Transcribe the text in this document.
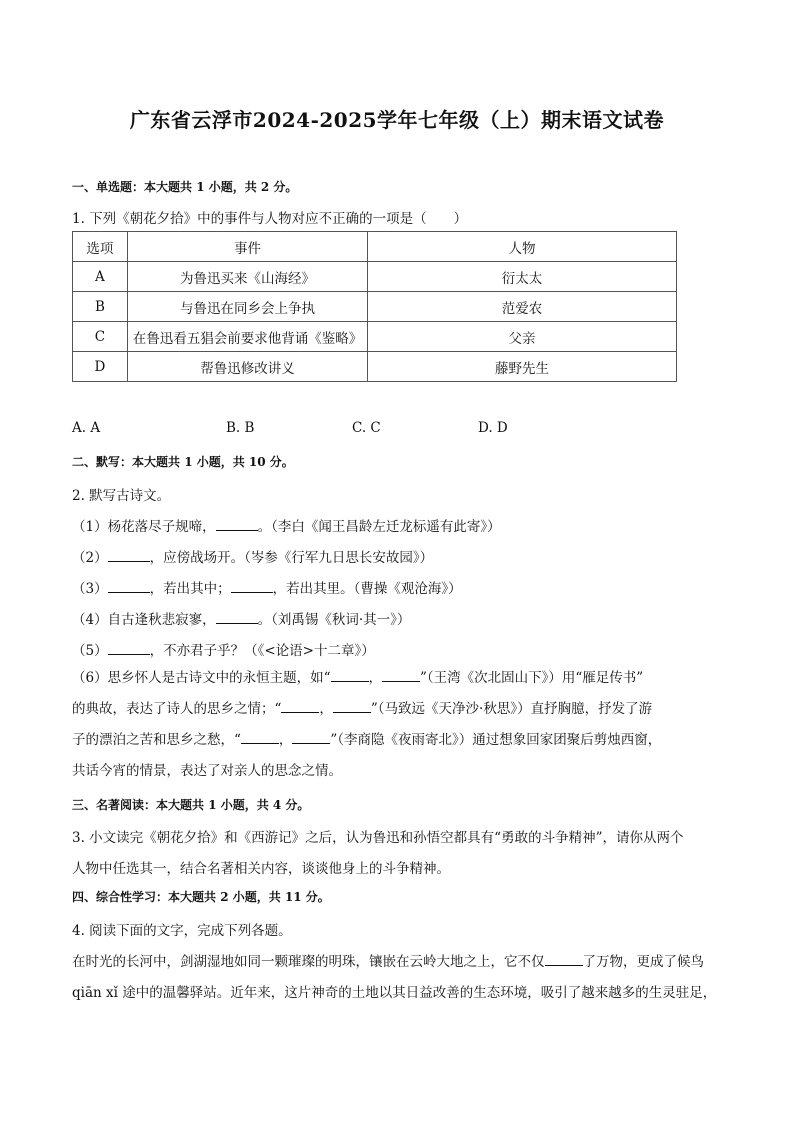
广东省云浮市2024-2025学年七年级（上）期末语文试卷
一、单选题：本大题共 1 小题，共 2 分。
1. 下列《朝花夕拾》中的事件与人物对应不正确的一项是（　　）
选项	事件	人物
A	为鲁迅买来《山海经》	衍太太
B	与鲁迅在同乡会上争执	范爱农
C	在鲁迅看五猖会前要求他背诵《鉴略》	父亲
D	帮鲁迅修改讲义	藤野先生
A. A	B. B	C. C	D. D
二、默写：本大题共 1 小题，共 10 分。
2. 默写古诗文。
（1）杨花落尽子规啼，	。（李白《闻王昌龄左迁龙标遥有此寄》）
（2）	，应傍战场开。（岑参《行军九日思长安故园》）
（3）	，若出其中；	，若出其里。（曹操《观沧海》）
（4）自古逢秋悲寂寥，	。（刘禹锡《秋词·其一》）
（5）	，不亦君子乎？（《<论语>十二章》）
（6）思乡怀人是古诗文中的永恒主题，如“	，	”（王湾《次北固山下》）用“雁足传书”
的典故，表达了诗人的思乡之情；“	，	”（马致远《天净沙·秋思》）直抒胸臆，抒发了游
子的漂泊之苦和思乡之愁，“	，	”（李商隐《夜雨寄北》）通过想象回家团聚后剪烛西窗，
共话今宵的情景，表达了对亲人的思念之情。
三、名著阅读：本大题共 1 小题，共 4 分。
3. 小文读完《朝花夕拾》和《西游记》之后，认为鲁迅和孙悟空都具有“勇敢的斗争精神”，请你从两个
人物中任选其一，结合名著相关内容，谈谈他身上的斗争精神。
四、综合性学习：本大题共 2 小题，共 11 分。
4. 阅读下面的文字，完成下列各题。
在时光的长河中，剑湖湿地如同一颗璀璨的明珠，镶嵌在云岭大地之上，它不仅	了万物，更成了候鸟
qiān xǐ 途中的温馨驿站。近年来，这片神奇的土地以其日益改善的生态环境，吸引了越来越多的生灵驻足，
